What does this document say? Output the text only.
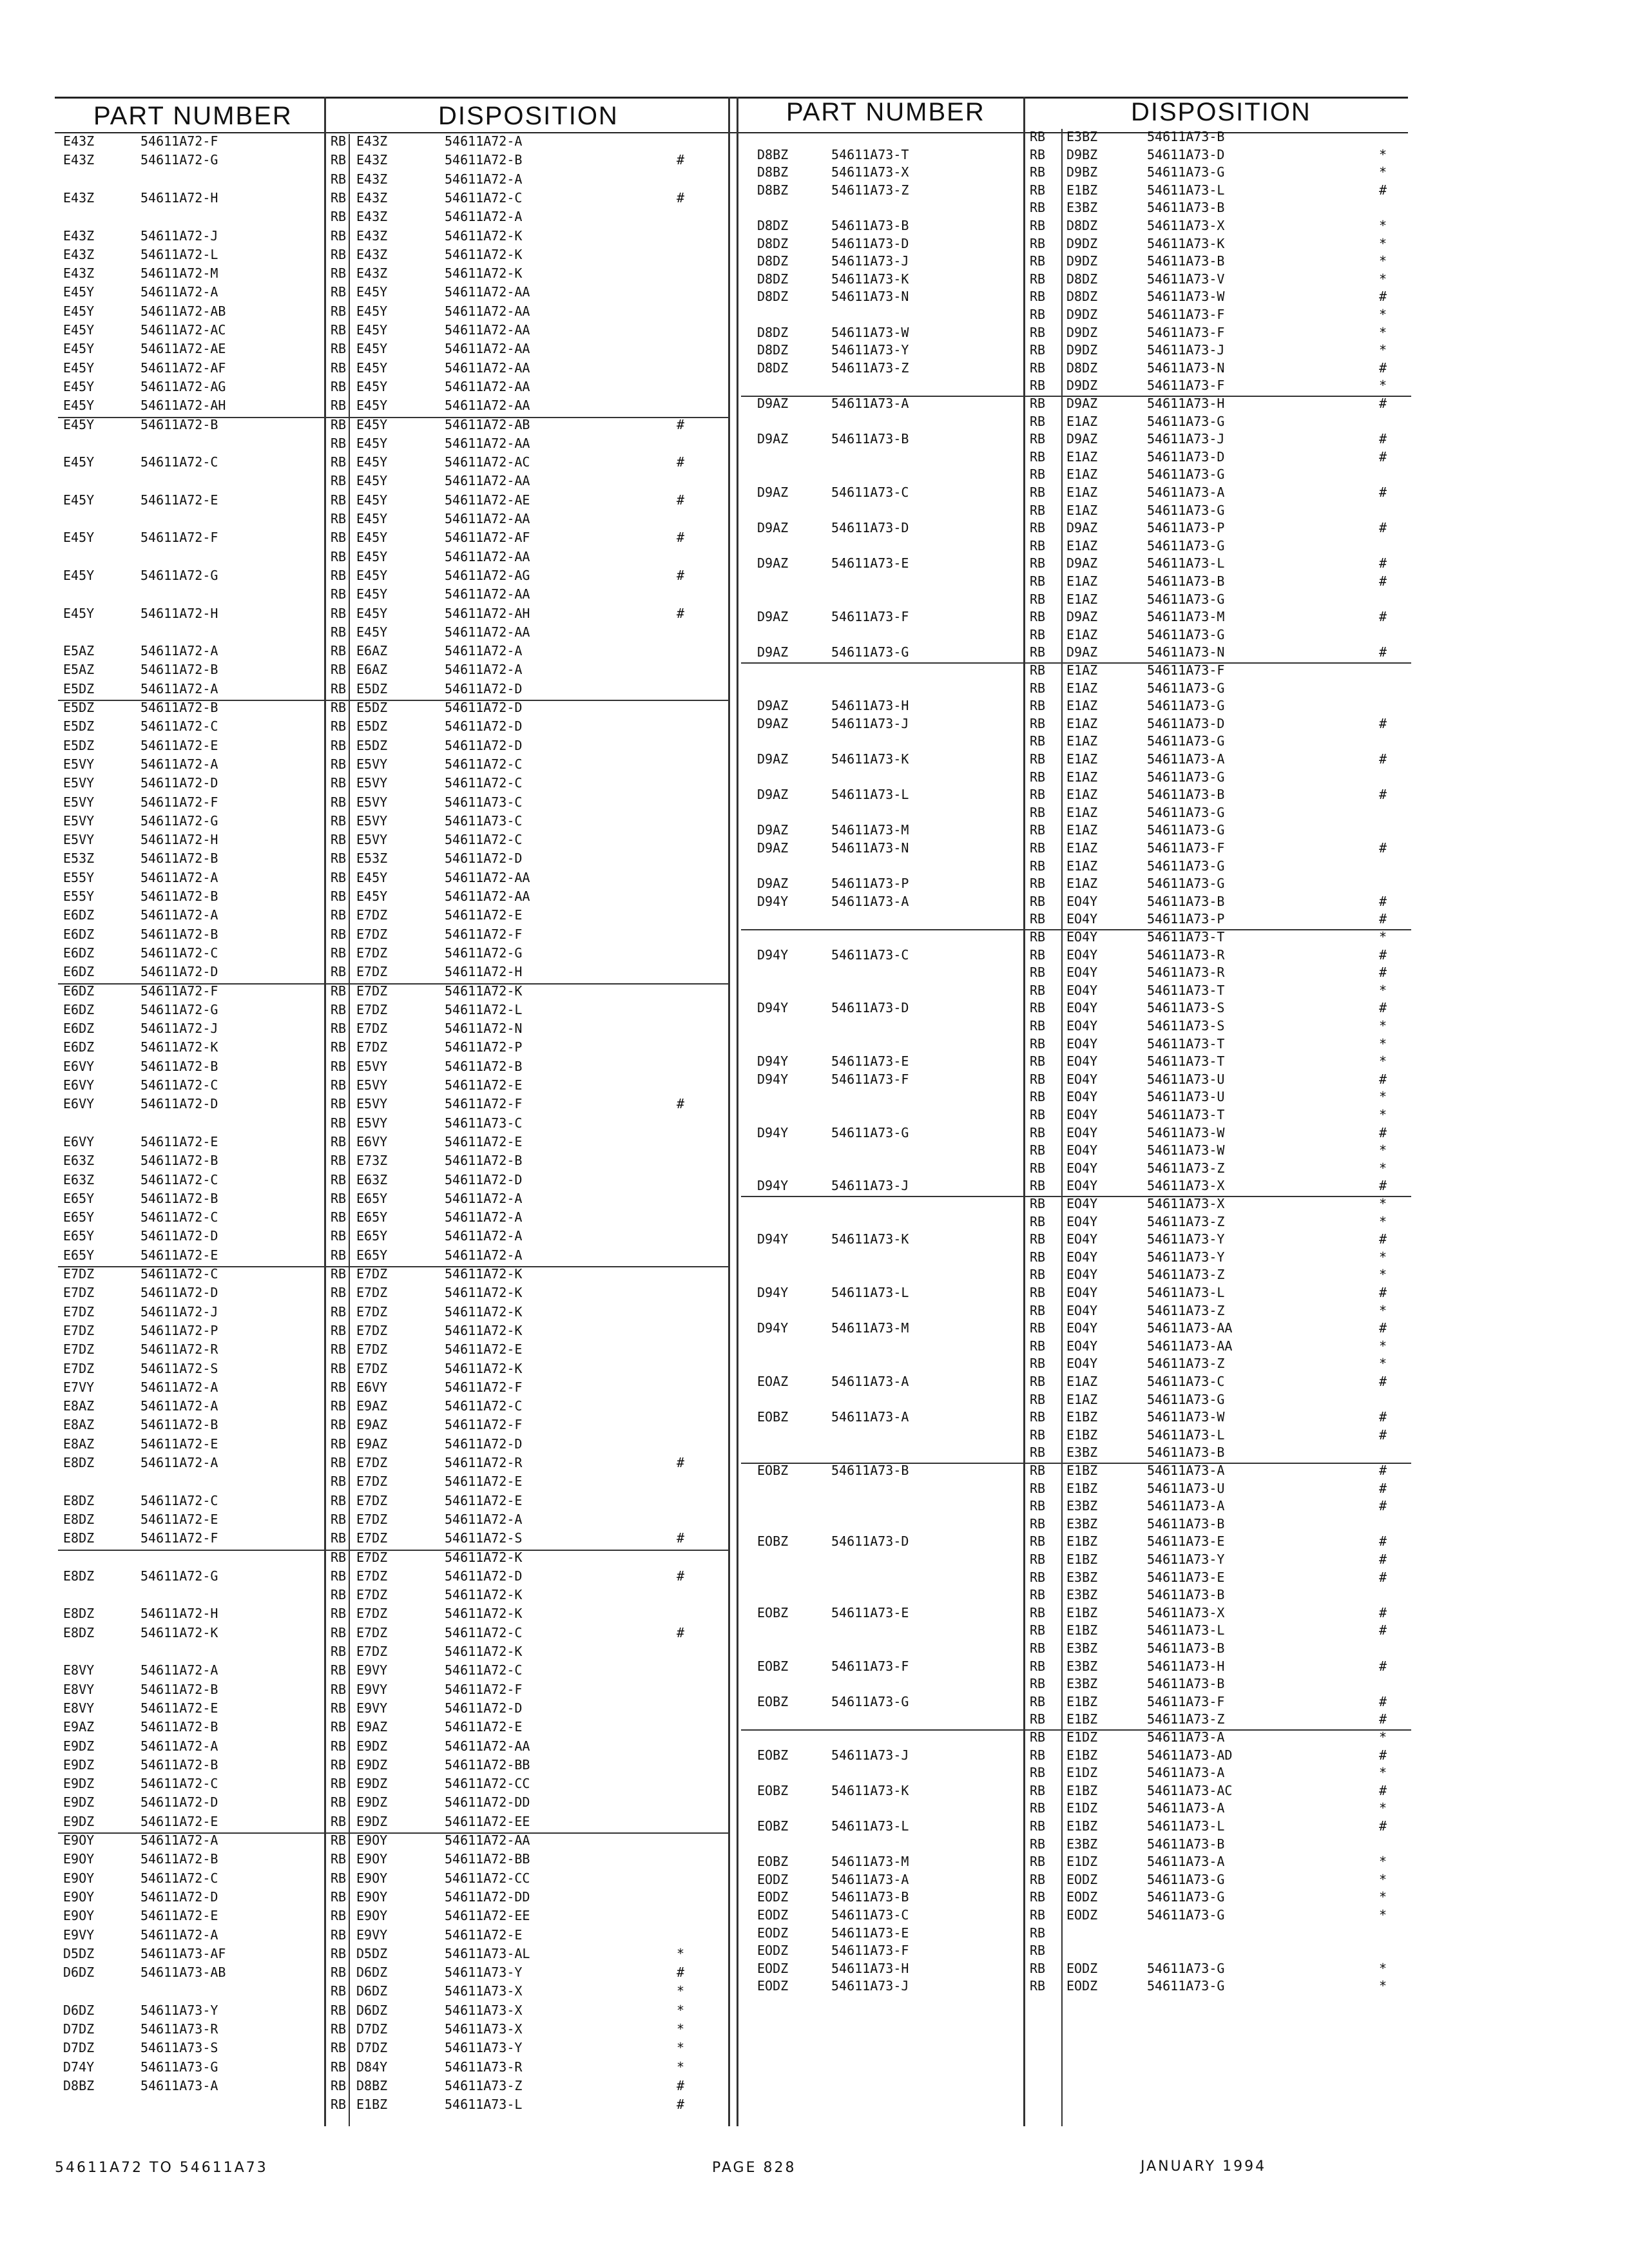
PART NUMBER	DISPOSITION	PART NUMBER	DISPOSITION
E43Z	54611A72-F	RB E43Z	54611A72-A
E43Z	54611A72-G	RB E43Z	54611A72-B	#
RB E43Z	54611A72-A
E43Z	54611A72-H	RB E43Z	54611A72-C	#
RB E43Z	54611A72-A
E43Z	54611A72-J	RB E43Z	54611A72-K
E43Z	54611A72-L	RB E43Z	54611A72-K
E43Z	54611A72-M	RB E43Z	54611A72-K
E45Y	54611A72-A	RB E45Y	54611A72-AA
E45Y	54611A72-AB	RB E45Y	54611A72-AA
E45Y	54611A72-AC	RB E45Y	54611A72-AA
E45Y	54611A72-AE	RB E45Y	54611A72-AA
E45Y	54611A72-AF	RB E45Y	54611A72-AA
E45Y	54611A72-AG	RB E45Y	54611A72-AA
E45Y	54611A72-AH	RB E45Y	54611A72-AA
E45Y	54611A72-B	RB E45Y	54611A72-AB	#
RB E45Y	54611A72-AA
E45Y	54611A72-C	RB E45Y	54611A72-AC	#
RB E45Y	54611A72-AA
E45Y	54611A72-E	RB E45Y	54611A72-AE	#
RB E45Y	54611A72-AA
E45Y	54611A72-F	RB E45Y	54611A72-AF	#
RB E45Y	54611A72-AA
E45Y	54611A72-G	RB E45Y	54611A72-AG	#
RB E45Y	54611A72-AA
E45Y	54611A72-H	RB E45Y	54611A72-AH	#
RB E45Y	54611A72-AA
E5AZ	54611A72-A	RB E6AZ	54611A72-A
E5AZ	54611A72-B	RB E6AZ	54611A72-A
E5DZ	54611A72-A	RB E5DZ	54611A72-D
E5DZ	54611A72-B	RB E5DZ	54611A72-D
E5DZ	54611A72-C	RB E5DZ	54611A72-D
E5DZ	54611A72-E	RB E5DZ	54611A72-D
E5VY	54611A72-A	RB E5VY	54611A72-C
E5VY	54611A72-D	RB E5VY	54611A72-C
E5VY	54611A72-F	RB E5VY	54611A73-C
E5VY	54611A72-G	RB E5VY	54611A73-C
E5VY	54611A72-H	RB E5VY	54611A72-C
E53Z	54611A72-B	RB E53Z	54611A72-D
E55Y	54611A72-A	RB E45Y	54611A72-AA
E55Y	54611A72-B	RB E45Y	54611A72-AA
E6DZ	54611A72-A	RB E7DZ	54611A72-E
E6DZ	54611A72-B	RB E7DZ	54611A72-F
E6DZ	54611A72-C	RB E7DZ	54611A72-G
E6DZ	54611A72-D	RB E7DZ	54611A72-H
E6DZ	54611A72-F	RB E7DZ	54611A72-K
E6DZ	54611A72-G	RB E7DZ	54611A72-L
E6DZ	54611A72-J	RB E7DZ	54611A72-N
E6DZ	54611A72-K	RB E7DZ	54611A72-P
E6VY	54611A72-B	RB E5VY	54611A72-B
E6VY	54611A72-C	RB E5VY	54611A72-E
E6VY	54611A72-D	RB E5VY	54611A72-F	#
RB E5VY	54611A73-C
E6VY	54611A72-E	RB E6VY	54611A72-E
E63Z	54611A72-B	RB E73Z	54611A72-B
E63Z	54611A72-C	RB E63Z	54611A72-D
E65Y	54611A72-B	RB E65Y	54611A72-A
E65Y	54611A72-C	RB E65Y	54611A72-A
E65Y	54611A72-D	RB E65Y	54611A72-A
E65Y	54611A72-E	RB E65Y	54611A72-A
E7DZ	54611A72-C	RB E7DZ	54611A72-K
E7DZ	54611A72-D	RB E7DZ	54611A72-K
E7DZ	54611A72-J	RB E7DZ	54611A72-K
E7DZ	54611A72-P	RB E7DZ	54611A72-K
E7DZ	54611A72-R	RB E7DZ	54611A72-E
E7DZ	54611A72-S	RB E7DZ	54611A72-K
E7VY	54611A72-A	RB E6VY	54611A72-F
E8AZ	54611A72-A	RB E9AZ	54611A72-C
E8AZ	54611A72-B	RB E9AZ	54611A72-F
E8AZ	54611A72-E	RB E9AZ	54611A72-D
E8DZ	54611A72-A	RB E7DZ	54611A72-R	#
RB E7DZ	54611A72-E
E8DZ	54611A72-C	RB E7DZ	54611A72-E
E8DZ	54611A72-E	RB E7DZ	54611A72-A
E8DZ	54611A72-F	RB E7DZ	54611A72-S	#
RB E7DZ	54611A72-K
E8DZ	54611A72-G	RB E7DZ	54611A72-D	#
RB E7DZ	54611A72-K
E8DZ	54611A72-H	RB E7DZ	54611A72-K
E8DZ	54611A72-K	RB E7DZ	54611A72-C	#
RB E7DZ	54611A72-K
E8VY	54611A72-A	RB E9VY	54611A72-C
E8VY	54611A72-B	RB E9VY	54611A72-F
E8VY	54611A72-E	RB E9VY	54611A72-D
E9AZ	54611A72-B	RB E9AZ	54611A72-E
E9DZ	54611A72-A	RB E9DZ	54611A72-AA
E9DZ	54611A72-B	RB E9DZ	54611A72-BB
E9DZ	54611A72-C	RB E9DZ	54611A72-CC
E9DZ	54611A72-D	RB E9DZ	54611A72-DD
E9DZ	54611A72-E	RB E9DZ	54611A72-EE
E9OY	54611A72-A	RB E9OY	54611A72-AA
E9OY	54611A72-B	RB E9OY	54611A72-BB
E9OY	54611A72-C	RB E9OY	54611A72-CC
E9OY	54611A72-D	RB E9OY	54611A72-DD
E9OY	54611A72-E	RB E9OY	54611A72-EE
E9VY	54611A72-A	RB E9VY	54611A72-E
D5DZ	54611A73-AF	RB D5DZ	54611A73-AL	*
D6DZ	54611A73-AB	RB D6DZ	54611A73-Y	#
RB D6DZ	54611A73-X	*
D6DZ	54611A73-Y	RB D6DZ	54611A73-X	*
D7DZ	54611A73-R	RB D7DZ	54611A73-X	*
D7DZ	54611A73-S	RB D7DZ	54611A73-Y	*
D74Y	54611A73-G	RB D84Y	54611A73-R	*
D8BZ	54611A73-A	RB D8BZ	54611A73-Z	#
RB E1BZ	54611A73-L	#
RB E3BZ	54611A73-B
D8BZ	54611A73-T	RB D9BZ	54611A73-D	*
D8BZ	54611A73-X	RB D9BZ	54611A73-G	*
D8BZ	54611A73-Z	RB E1BZ	54611A73-L	#
RB E3BZ	54611A73-B
D8DZ	54611A73-B	RB D8DZ	54611A73-X	*
D8DZ	54611A73-D	RB D9DZ	54611A73-K	*
D8DZ	54611A73-J	RB D9DZ	54611A73-B	*
D8DZ	54611A73-K	RB D8DZ	54611A73-V	*
D8DZ	54611A73-N	RB D8DZ	54611A73-W	#
RB D9DZ	54611A73-F	*
D8DZ	54611A73-W	RB D9DZ	54611A73-F	*
D8DZ	54611A73-Y	RB D9DZ	54611A73-J	*
D8DZ	54611A73-Z	RB D8DZ	54611A73-N	#
RB D9DZ	54611A73-F	*
D9AZ	54611A73-A	RB D9AZ	54611A73-H	#
RB E1AZ	54611A73-G
D9AZ	54611A73-B	RB D9AZ	54611A73-J	#
RB E1AZ	54611A73-D	#
RB E1AZ	54611A73-G
D9AZ	54611A73-C	RB E1AZ	54611A73-A	#
RB E1AZ	54611A73-G
D9AZ	54611A73-D	RB D9AZ	54611A73-P	#
RB E1AZ	54611A73-G
D9AZ	54611A73-E	RB D9AZ	54611A73-L	#
RB E1AZ	54611A73-B	#
RB E1AZ	54611A73-G
D9AZ	54611A73-F	RB D9AZ	54611A73-M	#
RB E1AZ	54611A73-G
D9AZ	54611A73-G	RB D9AZ	54611A73-N	#
RB E1AZ	54611A73-F
RB E1AZ	54611A73-G
D9AZ	54611A73-H	RB E1AZ	54611A73-G
D9AZ	54611A73-J	RB E1AZ	54611A73-D	#
RB E1AZ	54611A73-G
D9AZ	54611A73-K	RB E1AZ	54611A73-A	#
RB E1AZ	54611A73-G
D9AZ	54611A73-L	RB E1AZ	54611A73-B	#
RB E1AZ	54611A73-G
D9AZ	54611A73-M	RB E1AZ	54611A73-G
D9AZ	54611A73-N	RB E1AZ	54611A73-F	#
RB E1AZ	54611A73-G
D9AZ	54611A73-P	RB E1AZ	54611A73-G
D94Y	54611A73-A	RB EO4Y	54611A73-B	#
RB EO4Y	54611A73-P	#
RB EO4Y	54611A73-T	*
D94Y	54611A73-C	RB EO4Y	54611A73-R	#
RB EO4Y	54611A73-R	#
RB EO4Y	54611A73-T	*
D94Y	54611A73-D	RB EO4Y	54611A73-S	#
RB EO4Y	54611A73-S	*
RB EO4Y	54611A73-T	*
D94Y	54611A73-E	RB EO4Y	54611A73-T	*
D94Y	54611A73-F	RB EO4Y	54611A73-U	#
RB EO4Y	54611A73-U	*
RB EO4Y	54611A73-T	*
D94Y	54611A73-G	RB EO4Y	54611A73-W	#
RB EO4Y	54611A73-W	*
RB EO4Y	54611A73-Z	*
D94Y	54611A73-J	RB EO4Y	54611A73-X	#
RB EO4Y	54611A73-X	*
RB EO4Y	54611A73-Z	*
D94Y	54611A73-K	RB EO4Y	54611A73-Y	#
RB EO4Y	54611A73-Y	*
RB EO4Y	54611A73-Z	*
D94Y	54611A73-L	RB EO4Y	54611A73-L	#
RB EO4Y	54611A73-Z	*
D94Y	54611A73-M	RB EO4Y	54611A73-AA	#
RB EO4Y	54611A73-AA	*
RB EO4Y	54611A73-Z	*
EOAZ	54611A73-A	RB E1AZ	54611A73-C	#
RB E1AZ	54611A73-G
EOBZ	54611A73-A	RB E1BZ	54611A73-W	#
RB E1BZ	54611A73-L	#
RB E3BZ	54611A73-B
EOBZ	54611A73-B	RB E1BZ	54611A73-A	#
RB E1BZ	54611A73-U	#
RB E3BZ	54611A73-A	#
RB E3BZ	54611A73-B
EOBZ	54611A73-D	RB E1BZ	54611A73-E	#
RB E1BZ	54611A73-Y	#
RB E3BZ	54611A73-E	#
RB E3BZ	54611A73-B
EOBZ	54611A73-E	RB E1BZ	54611A73-X	#
RB E1BZ	54611A73-L	#
RB E3BZ	54611A73-B
EOBZ	54611A73-F	RB E3BZ	54611A73-H	#
RB E3BZ	54611A73-B
EOBZ	54611A73-G	RB E1BZ	54611A73-F	#
RB E1BZ	54611A73-Z	#
RB E1DZ	54611A73-A	*
EOBZ	54611A73-J	RB E1BZ	54611A73-AD	#
RB E1DZ	54611A73-A	*
EOBZ	54611A73-K	RB E1BZ	54611A73-AC	#
RB E1DZ	54611A73-A	*
EOBZ	54611A73-L	RB E1BZ	54611A73-L	#
RB E3BZ	54611A73-B
EOBZ	54611A73-M	RB E1DZ	54611A73-A	*
EODZ	54611A73-A	RB EODZ	54611A73-G	*
EODZ	54611A73-B	RB EODZ	54611A73-G	*
EODZ	54611A73-C	RB EODZ	54611A73-G	*
EODZ	54611A73-E	RB
EODZ	54611A73-F	RB
EODZ	54611A73-H	RB EODZ	54611A73-G	*
EODZ	54611A73-J	RB EODZ	54611A73-G	*
54611A72 TO 54611A73	PAGE 828	JANUARY 1994
